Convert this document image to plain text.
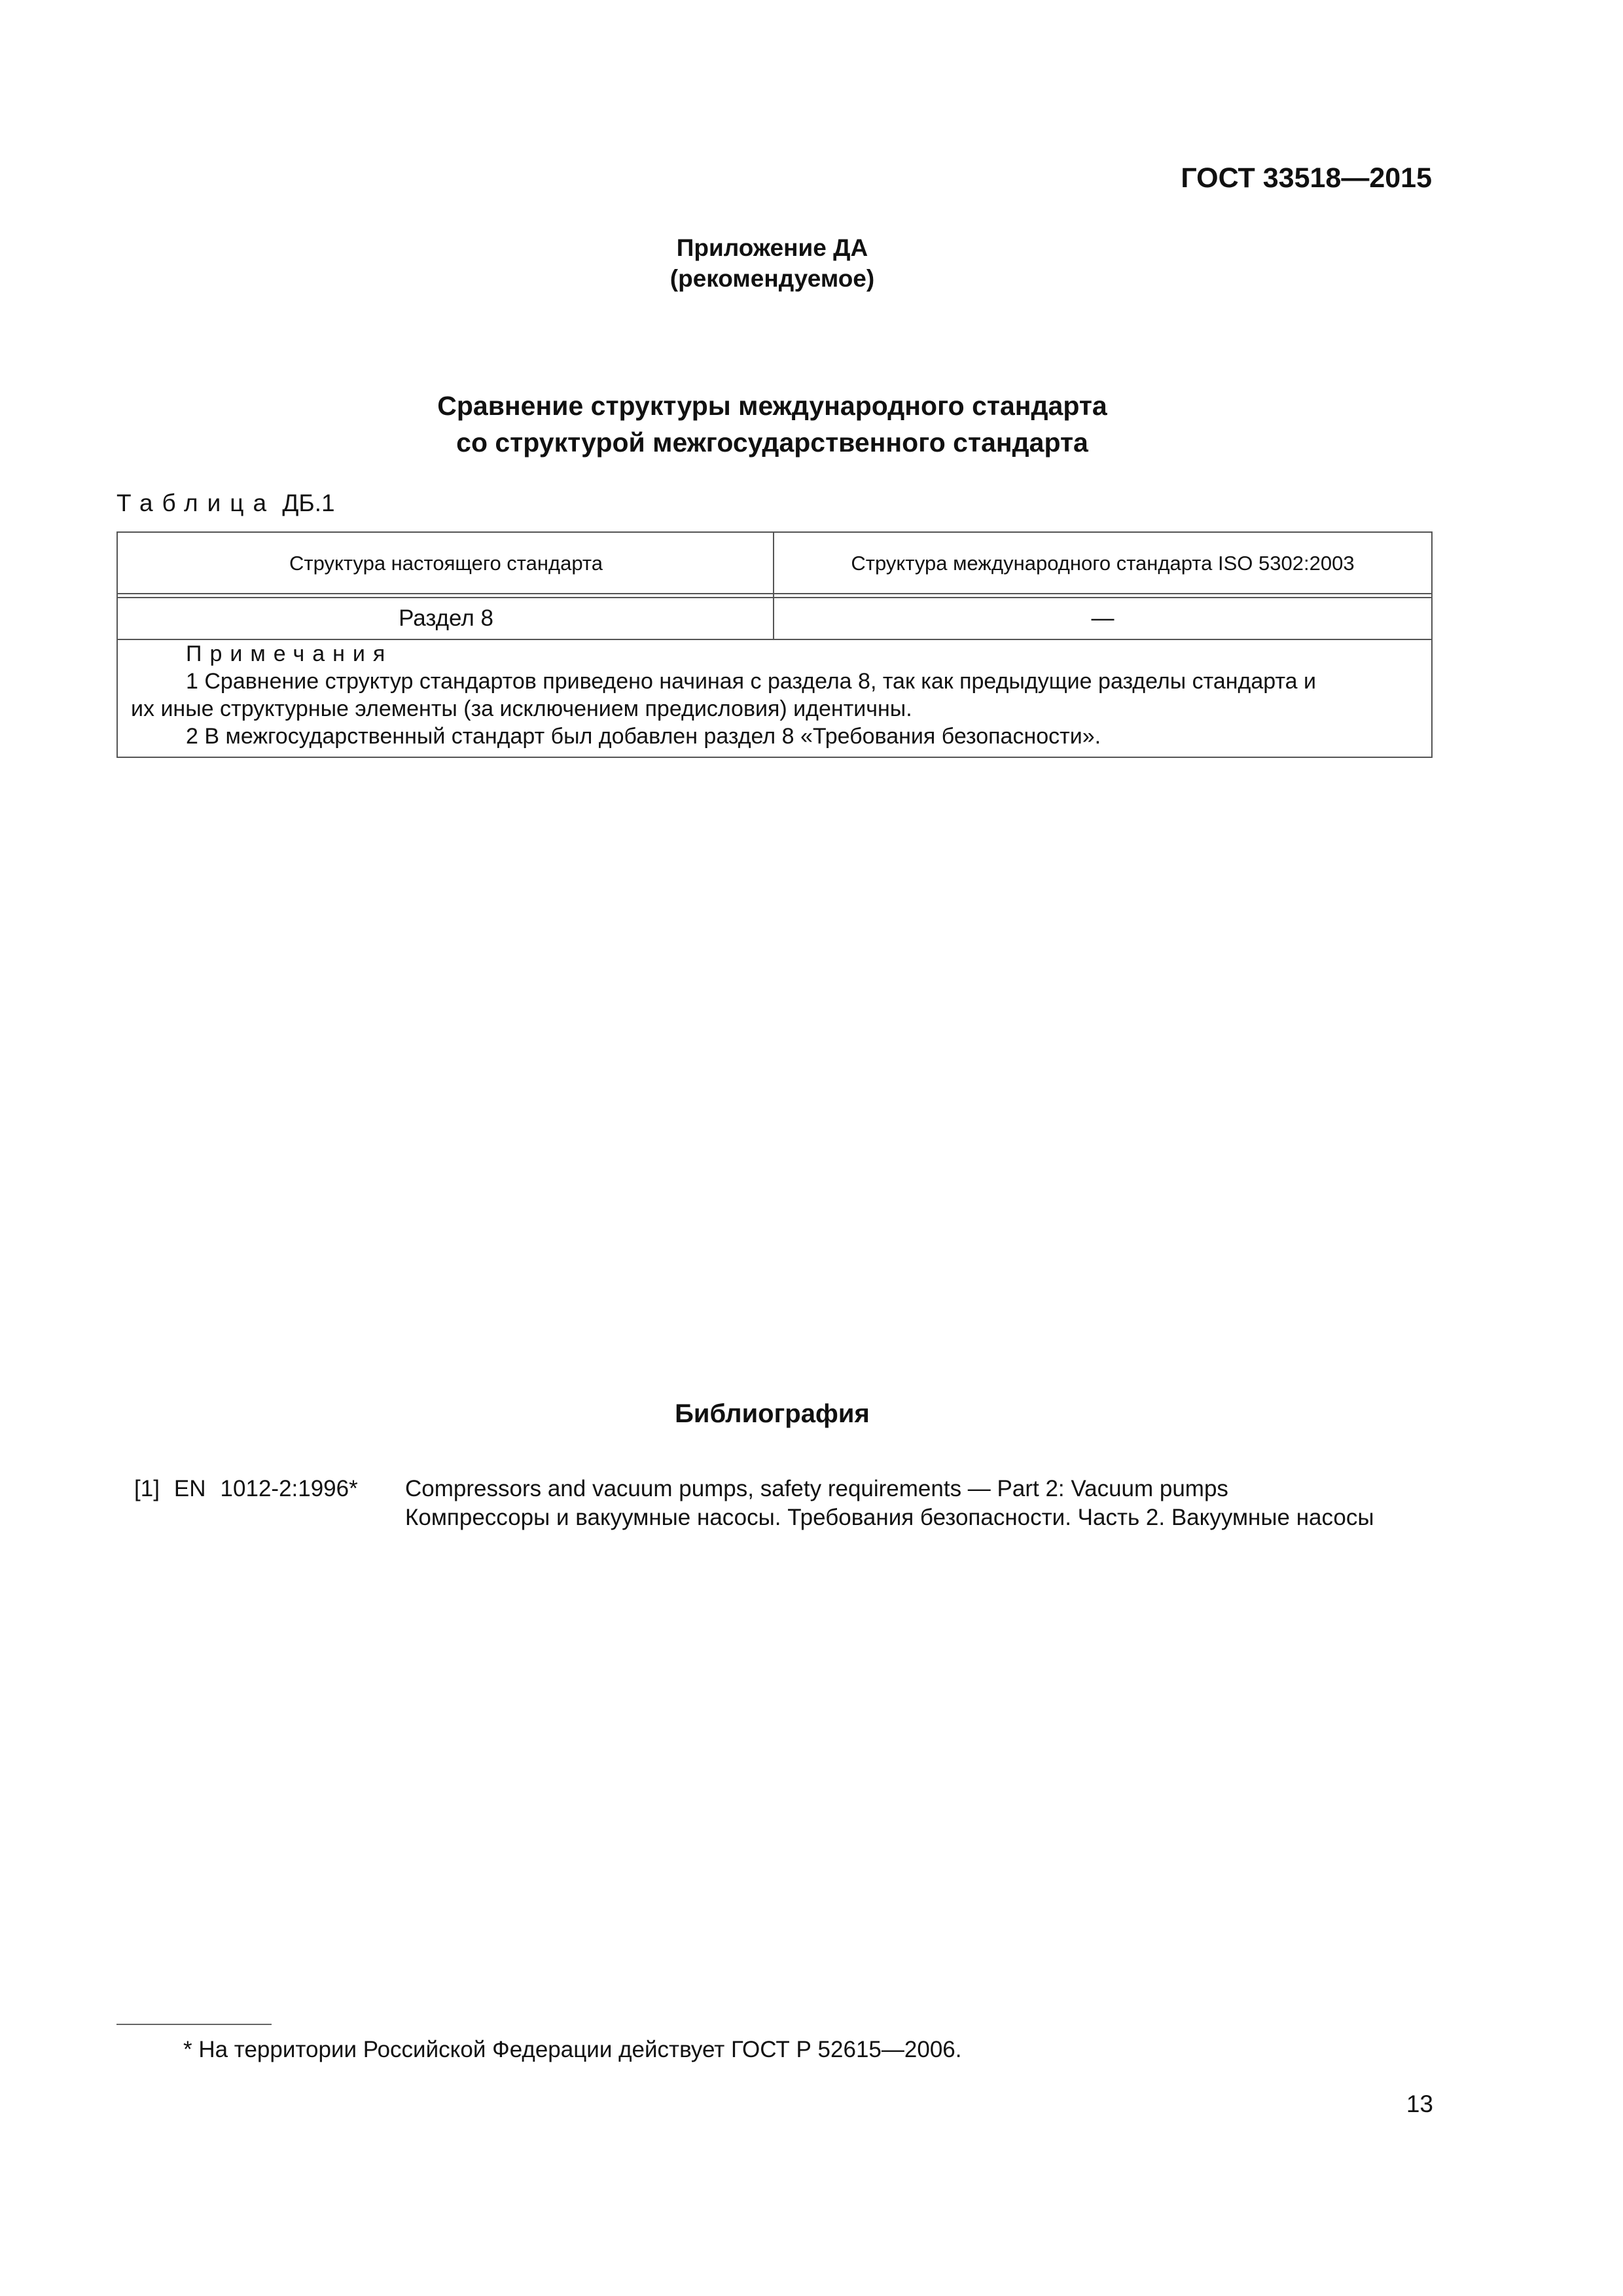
ГОСТ 33518—2015
Приложение ДА
(рекомендуемое)
Сравнение структуры международного стандарта
со структурой межгосударственного стандарта
Таблица ДБ.1
Структура настоящего стандарта	Структура международного стандарта ISO 5302:2003
Раздел 8	—
Примечания
1 Сравнение структур стандартов приведено начиная с раздела 8, так как предыдущие разделы стандарта и
их иные структурные элементы (за исключением предисловия) идентичны.
2 В межгосударственный стандарт был добавлен раздел 8 «Требования безопасности».
Библиография
[1] EN 1012-2:1996*	Compressors and vacuum pumps, safety requirements — Part 2: Vacuum pumps
Компрессоры и вакуумные насосы. Требования безопасности. Часть 2. Вакуумные насосы
* На территории Российской Федерации действует ГОСТ Р 52615—2006.
13
